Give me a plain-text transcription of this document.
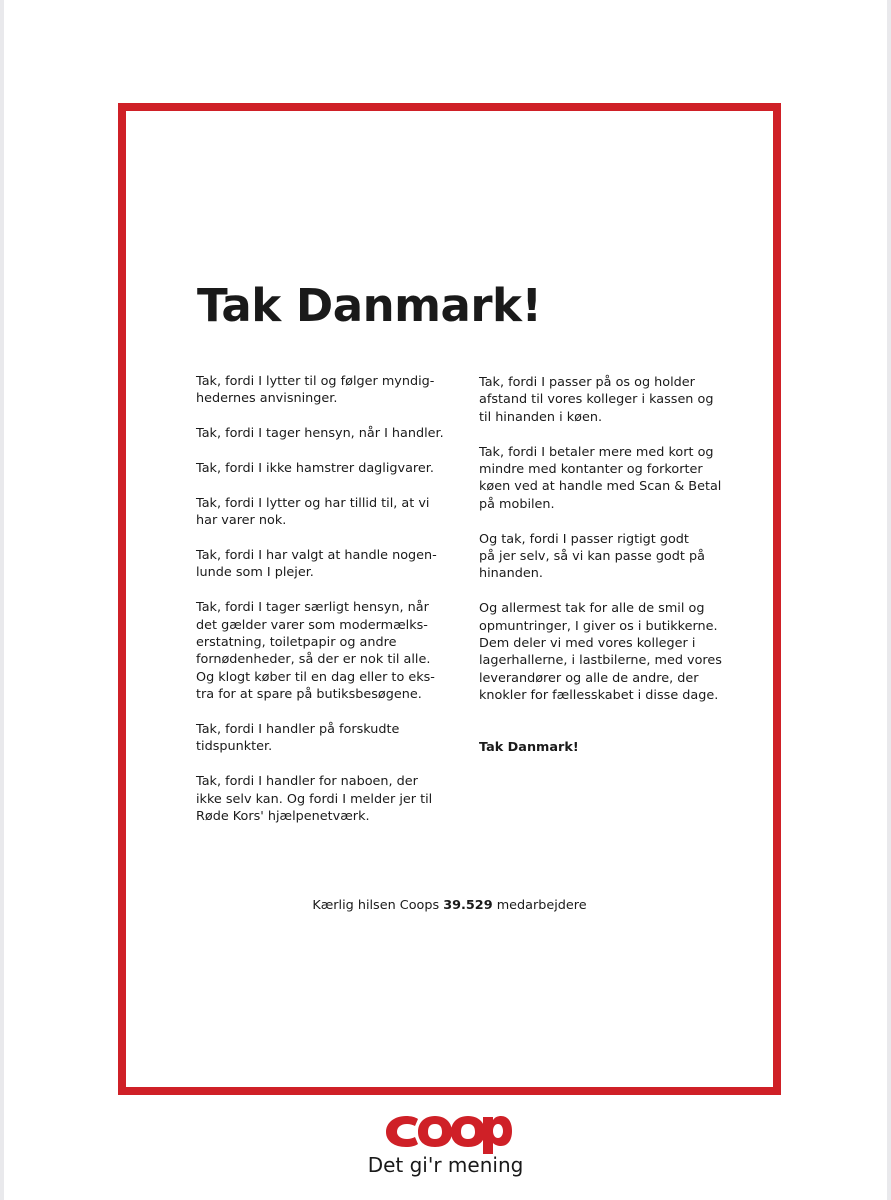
Tak Danmark!

Tak, fordi I lytter til og følger myndig-
hedernes anvisninger.

Tak, fordi I tager hensyn, når I handler.

Tak, fordi I ikke hamstrer dagligvarer.

Tak, fordi I lytter og har tillid til, at vi
har varer nok.

Tak, fordi I har valgt at handle nogen-
lunde som I plejer.

Tak, fordi I tager særligt hensyn, når
det gælder varer som modermælks-
erstatning, toiletpapir og andre
fornødenheder, så der er nok til alle.
Og klogt køber til en dag eller to eks-
tra for at spare på butiksbesøgene.

Tak, fordi I handler på forskudte
tidspunkter.

Tak, fordi I handler for naboen, der
ikke selv kan. Og fordi I melder jer til
Røde Kors' hjælpenetværk.

Tak, fordi I passer på os og holder
afstand til vores kolleger i kassen og
til hinanden i køen.

Tak, fordi I betaler mere med kort og
mindre med kontanter og forkorter
køen ved at handle med Scan & Betal
på mobilen.

Og tak, fordi I passer rigtigt godt
på jer selv, så vi kan passe godt på
hinanden.

Og allermest tak for alle de smil og
opmuntringer, I giver os i butikkerne.
Dem deler vi med vores kolleger i
lagerhallerne, i lastbilerne, med vores
leverandører og alle de andre, der
knokler for fællesskabet i disse dage.

Tak Danmark!

Kærlig hilsen Coops 39.529 medarbejdere
Det gi'r mening
